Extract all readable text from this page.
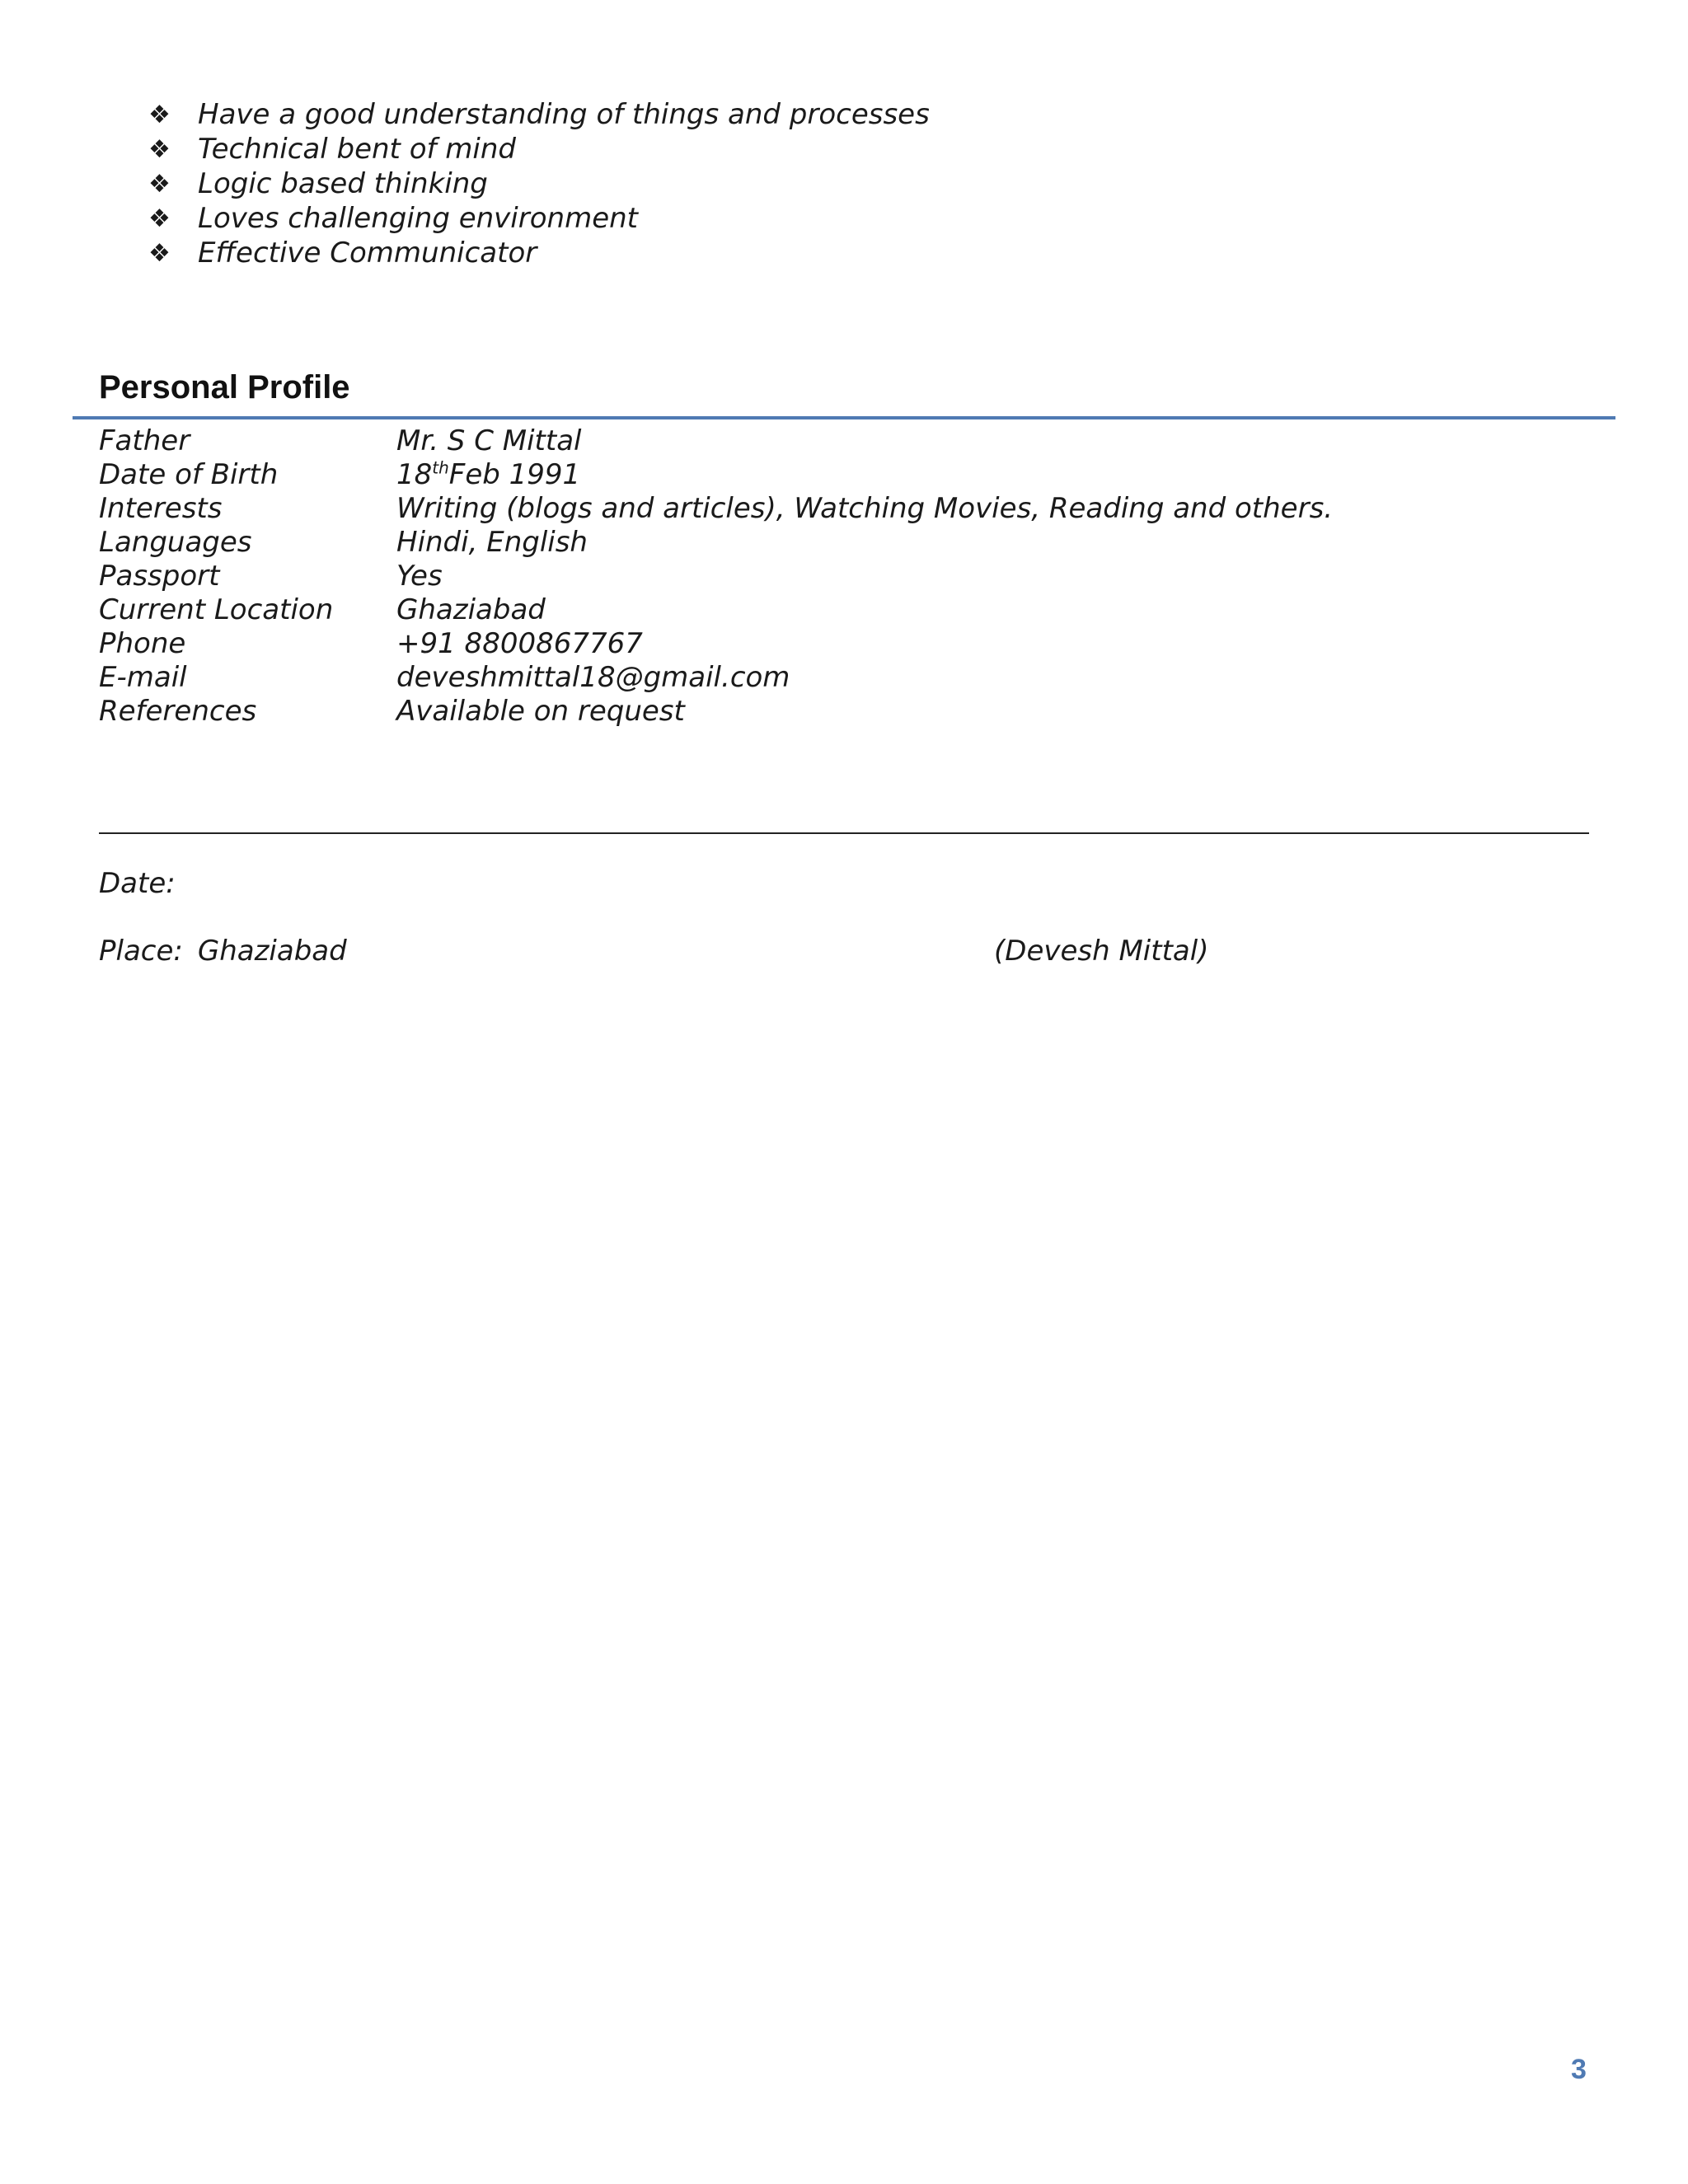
❖ Have a good understanding of things and processes
❖ Technical bent of mind
❖ Logic based thinking
❖ Loves challenging environment
❖ Effective Communicator
Personal Profile
Father	Mr. S C Mittal
Date of Birth	18thFeb 1991
Interests	Writing (blogs and articles), Watching Movies, Reading and others.
Languages	Hindi, English
Passport	Yes
Current Location	Ghaziabad
Phone	+91 8800867767
E-mail	deveshmittal18@gmail.com
References	Available on request
Date:
Place: Ghaziabad	(Devesh Mittal)
3
